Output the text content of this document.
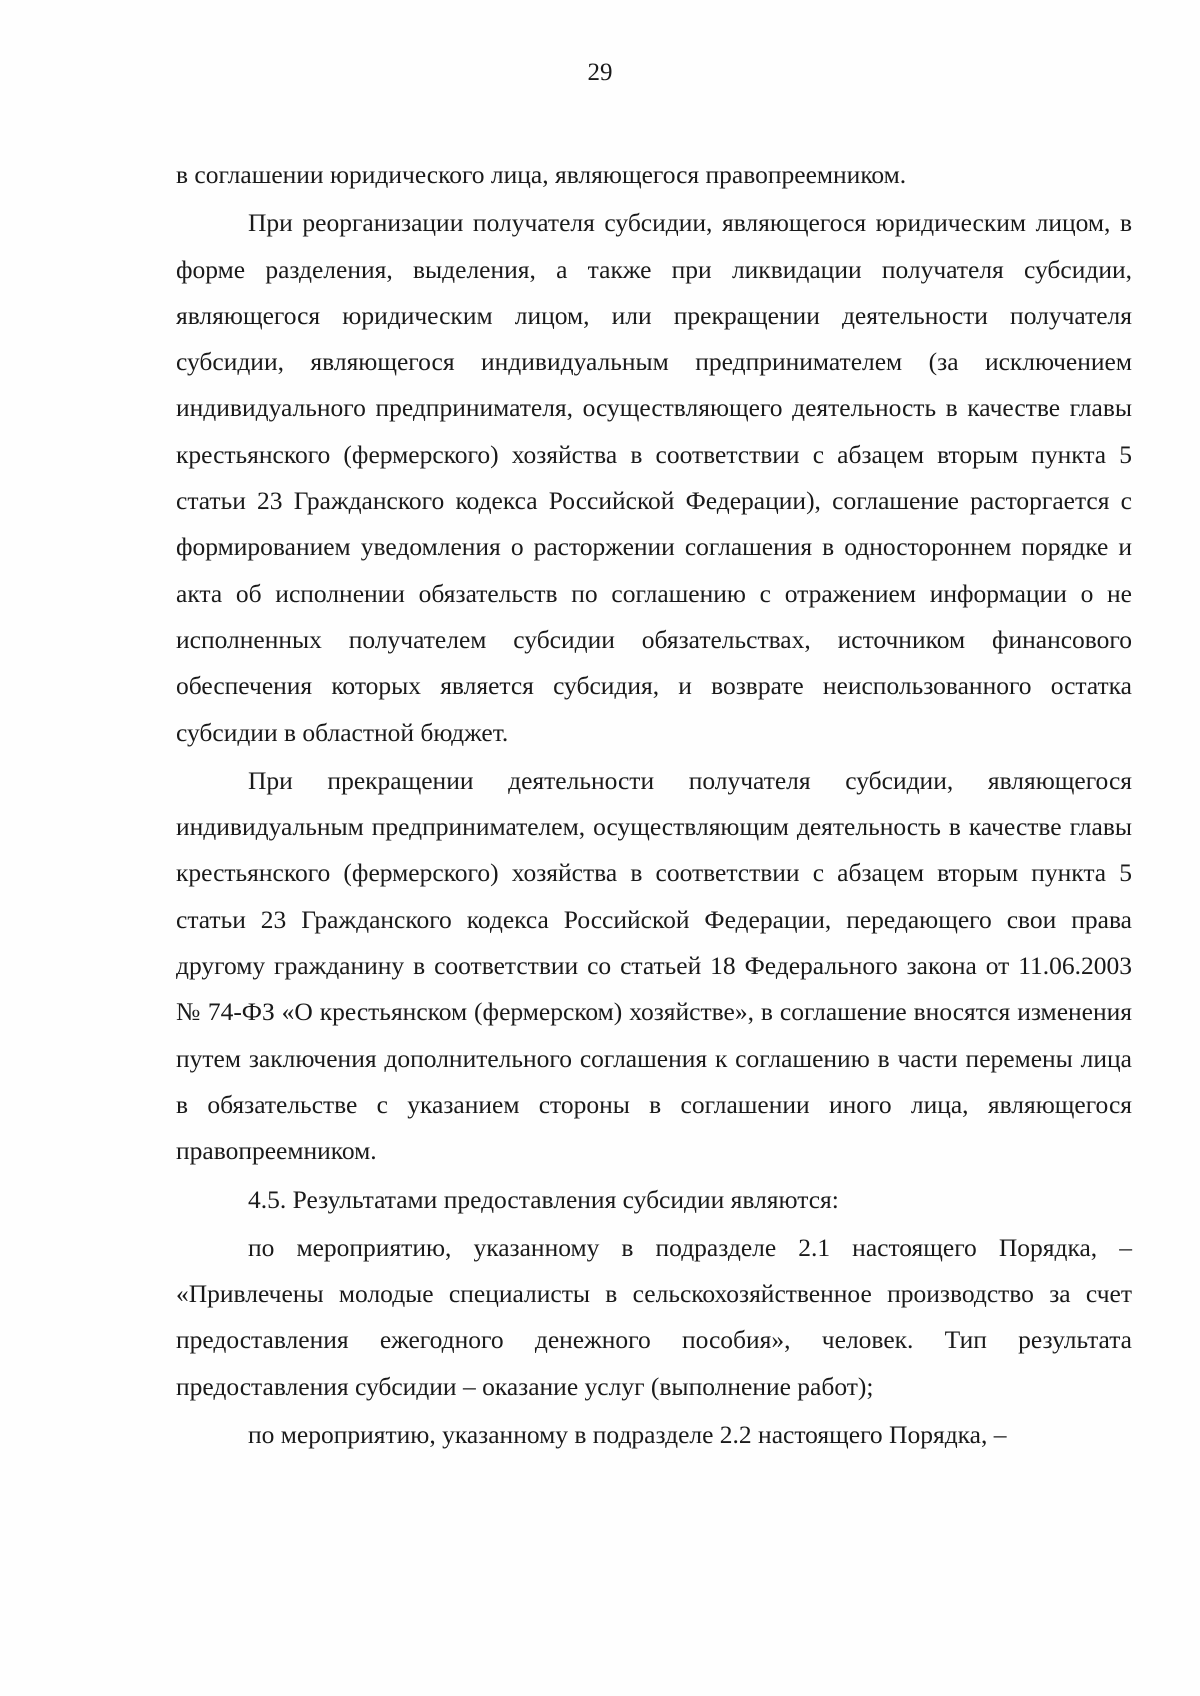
29

в соглашении юридического лица, являющегося правопреемником.

При реорганизации получателя субсидии, являющегося юридическим лицом, в форме разделения, выделения, а также при ликвидации получателя субсидии, являющегося юридическим лицом, или прекращении деятельности получателя субсидии, являющегося индивидуальным предпринимателем (за исключением индивидуального предпринимателя, осуществляющего деятельность в качестве главы крестьянского (фермерского) хозяйства в соответствии с абзацем вторым пункта 5 статьи 23 Гражданского кодекса Российской Федерации), соглашение расторгается с формированием уведомления о расторжении соглашения в одностороннем порядке и акта об исполнении обязательств по соглашению с отражением информации о не исполненных получателем субсидии обязательствах, источником финансового обеспечения которых является субсидия, и возврате неиспользованного остатка субсидии в областной бюджет.

При прекращении деятельности получателя субсидии, являющегося индивидуальным предпринимателем, осуществляющим деятельность в качестве главы крестьянского (фермерского) хозяйства в соответствии с абзацем вторым пункта 5 статьи 23 Гражданского кодекса Российской Федерации, передающего свои права другому гражданину в соответствии со статьей 18 Федерального закона от 11.06.2003 № 74-ФЗ «О крестьянском (фермерском) хозяйстве», в соглашение вносятся изменения путем заключения дополнительного соглашения к соглашению в части перемены лица в обязательстве с указанием стороны в соглашении иного лица, являющегося правопреемником.

4.5. Результатами предоставления субсидии являются:

по мероприятию, указанному в подразделе 2.1 настоящего Порядка, – «Привлечены молодые специалисты в сельскохозяйственное производство за счет предоставления ежегодного денежного пособия», человек. Тип результата предоставления субсидии – оказание услуг (выполнение работ);

по мероприятию, указанному в подразделе 2.2 настоящего Порядка, –
